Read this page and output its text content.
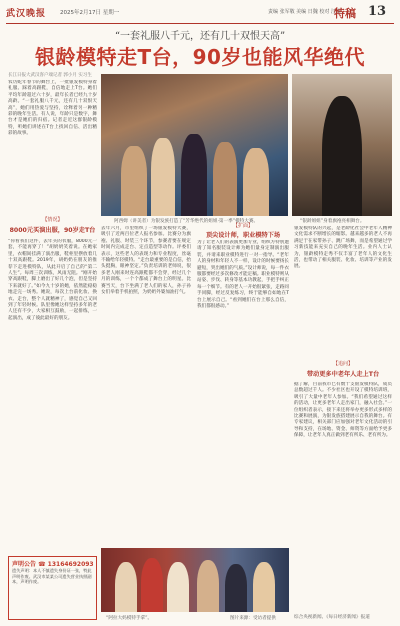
武汉晚报	2025年2月17日 星期一	责编 张军敬 美编 日魏 校对 江琳
特稿 13
“一套礼服八千元，还有几十双恨天高”
银龄模特走T台，90岁也能风华绝代
长江日报大武汉客户端记者 郭小月 实习生
农历蛇年春节的舞台上，一批银发模特身着礼服、踩着高跟鞋，自信地走上T台。她们平均年龄超过六十岁，最年长者已经九十岁高龄。“一套礼服八千元，还有几十双恨天高”，她们用热爱与坚持，诠释着另一种精彩的晚年生活。有人说，年龄只是数字，舞台才是她们的归宿。记者走近这群银龄模特，听她们讲述在T台上找回自信、活出精彩的故事。
【情况】
8000元买演出服，90岁走T台
“你看我们这件，去年买的衣服，8000元一套，不能再穿了！”胡奶奶笑着说。在她家里，衣帽间挂满了演出服，鞋柜里摆放着几十双高跟鞋。2019年，胡奶奶在朋友的推荐下走进模特队，从此开启了自己的“第二人生”。每周三次训练，风雨无阻。“刚开始穿高跟鞋，脚上磨出了好几个泡，但是坚持下来就好了。”如今九十岁的她，依然能稳稳地走完一场秀。她说，每次上台前化妆、换衣、走台，整个人就精神了，感觉自己又回到了年轻时候。队里像她这样坚持多年的老人还有不少，大家相互鼓励，一起排练，一起演出，成了彼此最好的朋友。
阿西姆（讲美者）为银发族打造了“芳华绝代的姐姐·第一季”模特大赛。	“银龄姐姐”身着旗袍亮相舞台。
去年六月，市里组织了一场银发模特大赛，吸引了近两百位老人报名参加。比赛分为旗袍、礼服、时装三个环节，参赛者要在规定时间内完成走台、定点造型等动作。评委们表示，这些老人的表现力和专业程度，丝毫不输给年轻模特。“走台最重要的是自信，抬头挺胸，眼神坚定。”负责培训的老师说，很多老人刚来时连高跟鞋都不会穿，经过几个月的训练，一个个都成了舞台上的明星。比赛当天，台下坐满了老人们的家人，孙子孙女们举着手机拍照，为奶奶外婆加油打气。
【扩面】
顶尖设计师，职业模特下场
为了让老人们的表演更加专业，组织方特别邀请了知名服装设计师为她们量身定制演出服装，并请来职业模特进行一对一指导。“老年人的身材和年轻人不一样，设计的时候要扬长避短，突出她们的气质。”设计师说，每一件衣服都要经过多次修改才能定稿。职业模特则从站姿、步伐、转身等基本功教起，手把手纠正每一个细节。有的老人一开始很紧张，走路同手同脚，经过反复练习，终于能够自如地在T台上展示自己。“看到她们在台上那么自信，我们都很感动。”
银发模特队的兴起，是老龄化社会中老年人精神文化需求不断增长的缩影。越来越多的老人不再满足于在家带孙子、跳广场舞，而是希望通过学习新技能来充实自己的晚年生活。业内人士认为，银龄模特走秀不仅丰富了老年人的文化生活，也带动了相关服装、化妆、培训等产业的发展。
【追问】
带动更多中老年人走上T台
据了解，目前我市已有数十支银发模特队，成员总数超过千人。不少社区也开设了模特培训班，吸引了大量中老年人参加。“我们希望通过这样的活动，让更多老年人走出家门，融入社会。”一位组织者表示，接下来还将举办更多形式多样的比赛和展演，为银发族搭建展示自我的舞台。有专家建议，相关部门应加强对老年文化活动的引导和支持，在场地、资金、师资等方面给予更多保障，让老年人真正做到老有所乐、老有所为。
“阿拉大妈模特手拿”。	图片来源：受访者提供
声明公告 ☎ 13164692093
遗失声明：本人不慎遗失身份证一张，特此声明作废。武汉市某某公司遗失营业执照副本，声明作废。
综合央视新闻、《每日经济新闻》报道
